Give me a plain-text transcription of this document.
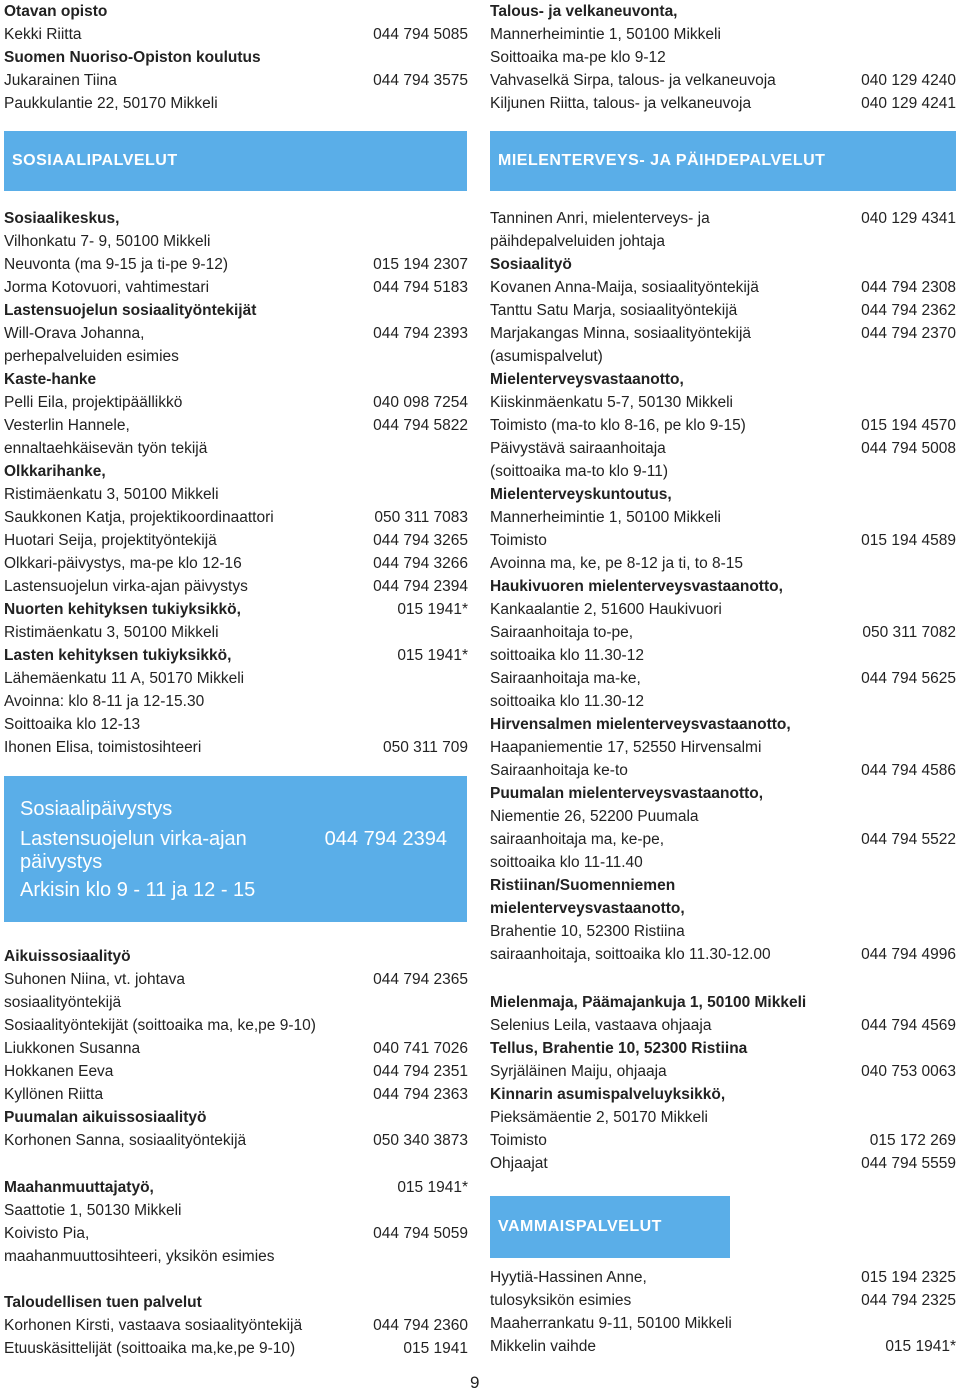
Otavan opisto
Kekki Riitta	044 794 5085
Suomen Nuoriso-Opiston koulutus
Jukarainen Tiina	044 794 3575
Paukkulantie 22, 50170 Mikkeli
Sosiaalikeskus,
Vilhonkatu 7- 9, 50100 Mikkeli
Neuvonta (ma 9-15 ja ti-pe 9-12)	015 194 2307
Jorma Kotovuori, vahtimestari	044 794 5183
Lastensuojelun sosiaalityöntekijät
Will-Orava Johanna,	044 794 2393
perhepalveluiden esimies
Kaste-hanke
Pelli Eila, projektipäällikkö	040 098 7254
Vesterlin Hannele,	044 794 5822
ennaltaehkäisevän työn tekijä
Olkkarihanke,
Ristimäenkatu 3, 50100 Mikkeli
Saukkonen Katja, projektikoordinaattori	050 311 7083
Huotari Seija, projektityöntekijä	044 794 3265
Olkkari-päivystys, ma-pe klo 12-16	044 794 3266
Lastensuojelun virka-ajan päivystys	044 794 2394
Nuorten kehityksen tukiyksikkö,	015 1941*
Ristimäenkatu 3, 50100 Mikkeli
Lasten kehityksen tukiyksikkö,	015 1941*
Lähemäenkatu 11 A, 50170 Mikkeli
Avoinna: klo 8-11 ja 12-15.30
Soittoaika klo 12-13
Ihonen Elisa, toimistosihteeri	050 311 709
Aikuissosiaalityö
Suhonen Niina, vt. johtava	044 794 2365
sosiaalityöntekijä
Sosiaalityöntekijät (soittoaika ma, ke,pe 9-10)
Liukkonen Susanna	040 741 7026
Hokkanen Eeva	044 794 2351
Kyllönen Riitta	044 794 2363
Puumalan aikuissosiaalityö
Korhonen Sanna, sosiaalityöntekijä	050 340 3873
Maahanmuuttajatyö,	015 1941*
Saattotie 1, 50130 Mikkeli
Koivisto Pia,	044 794 5059
maahanmuuttosihteeri, yksikön esimies
Taloudellisen tuen palvelut
Korhonen Kirsti, vastaava sosiaalityöntekijä	044 794 2360
Etuuskäsittelijät (soittoaika ma,ke,pe 9-10)	015 1941
Talous- ja velkaneuvonta,
Mannerheimintie 1, 50100 Mikkeli
Soittoaika ma-pe klo 9-12
Vahvaselkä Sirpa, talous- ja velkaneuvoja	040 129 4240
Kiljunen Riitta, talous- ja velkaneuvoja	040 129 4241
Tanninen Anri, mielenterveys- ja	040 129 4341
päihdepalveluiden johtaja
Sosiaalityö
Kovanen Anna-Maija, sosiaalityöntekijä	044 794 2308
Tanttu Satu Marja, sosiaalityöntekijä	044 794 2362
Marjakangas Minna, sosiaalityöntekijä	044 794 2370
(asumispalvelut)
Mielenterveysvastaanotto,
Kiiskinmäenkatu 5-7, 50130 Mikkeli
Toimisto (ma-to klo 8-16, pe klo 9-15)	015 194 4570
Päivystävä sairaanhoitaja	044 794 5008
(soittoaika ma-to klo 9-11)
Mielenterveyskuntoutus,
Mannerheimintie 1, 50100 Mikkeli
Toimisto	015 194 4589
Avoinna ma, ke, pe 8-12 ja ti, to 8-15
Haukivuoren mielenterveysvastaanotto,
Kankaalantie 2, 51600 Haukivuori
Sairaanhoitaja to-pe,	050 311 7082
soittoaika klo 11.30-12
Sairaanhoitaja ma-ke,	044 794 5625
soittoaika klo 11.30-12
Hirvensalmen mielenterveysvastaanotto,
Haapaniementie 17, 52550 Hirvensalmi
Sairaanhoitaja ke-to	044 794 4586
Puumalan mielenterveysvastaanotto,
Niementie 26, 52200 Puumala
sairaanhoitaja ma, ke-pe,	044 794 5522
soittoaika klo 11-11.40
Ristiinan/Suomenniemen
mielenterveysvastaanotto,
Brahentie 10, 52300 Ristiina
sairaanhoitaja, soittoaika klo 11.30-12.00	044 794 4996
Mielenmaja, Päämajankuja 1, 50100 Mikkeli
Selenius Leila, vastaava ohjaaja	044 794 4569
Tellus, Brahentie 10, 52300 Ristiina
Syrjäläinen Maiju, ohjaaja	040 753 0063
Kinnarin asumispalveluyksikkö,
Pieksämäentie 2, 50170 Mikkeli
Toimisto	015 172 269
Ohjaajat	044 794 5559
Hyytiä-Hassinen Anne,	015 194 2325
tulosyksikön esimies	044 794 2325
Maaherrankatu 9-11, 50100 Mikkeli
Mikkelin vaihde	015 1941*
SOSIAALIPALVELUT	MIELENTERVEYS- JA PÄIHDEPALVELUT
VAMMAISPALVELUT
Sosiaalipäivystys
Lastensuojelun virka-ajan	044 794 2394
päivystys
Arkisin klo 9 - 11 ja 12 - 15
9
